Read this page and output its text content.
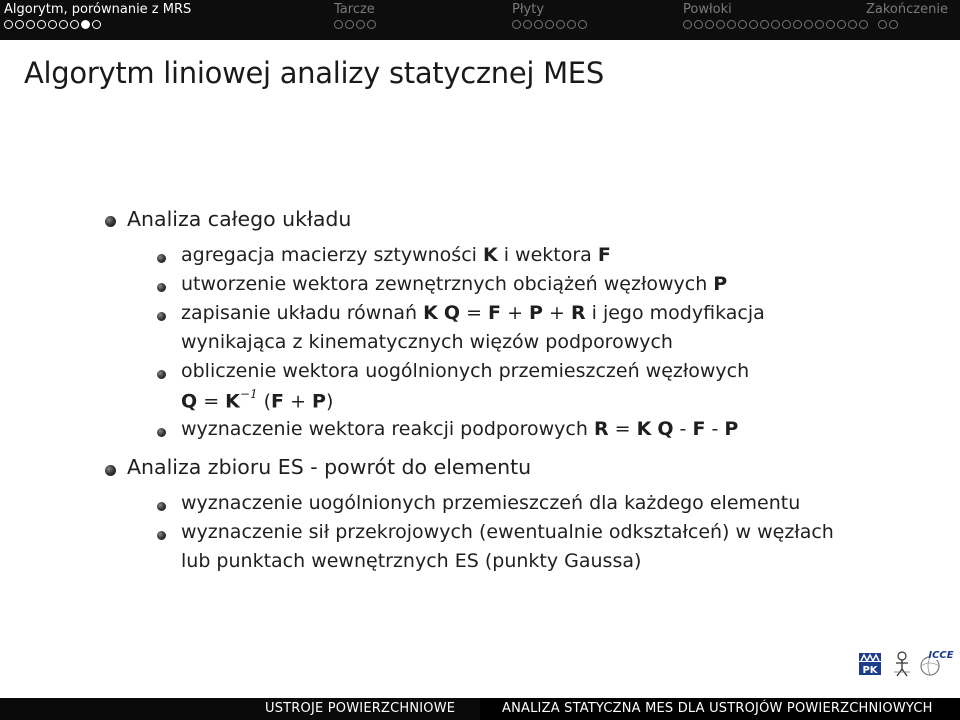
Algorytm, porównanie z MRS	Tarcze	Płyty	Powłoki	Zakończenie
Algorytm liniowej analizy statycznej MES
Analiza całego układu
agregacja macierzy sztywności K i wektora F
utworzenie wektora zewnętrznych obciążeń węzłowych P
zapisanie układu równań K Q = F + P + R i jego modyfikacja
wynikająca z kinematycznych więzów podporowych
obliczenie wektora uogólnionych przemieszczeń węzłowych
$Q = K^{-1}$ (F + P)
wyznaczenie wektora reakcji podporowych R = K Q - F - P
Analiza zbioru ES - powrót do elementu
wyznaczenie uogólnionych przemieszczeń dla każdego elementu
wyznaczenie sił przekrojowych (ewentualnie odkształceń) w węzłach
lub punktach wewnętrznych ES (punkty Gaussa)
PK
ICCE
USTROJE POWIERZCHNIOWE	ANALIZA STATYCZNA MES DLA USTROJÓW POWIERZCHNIOWYCH
